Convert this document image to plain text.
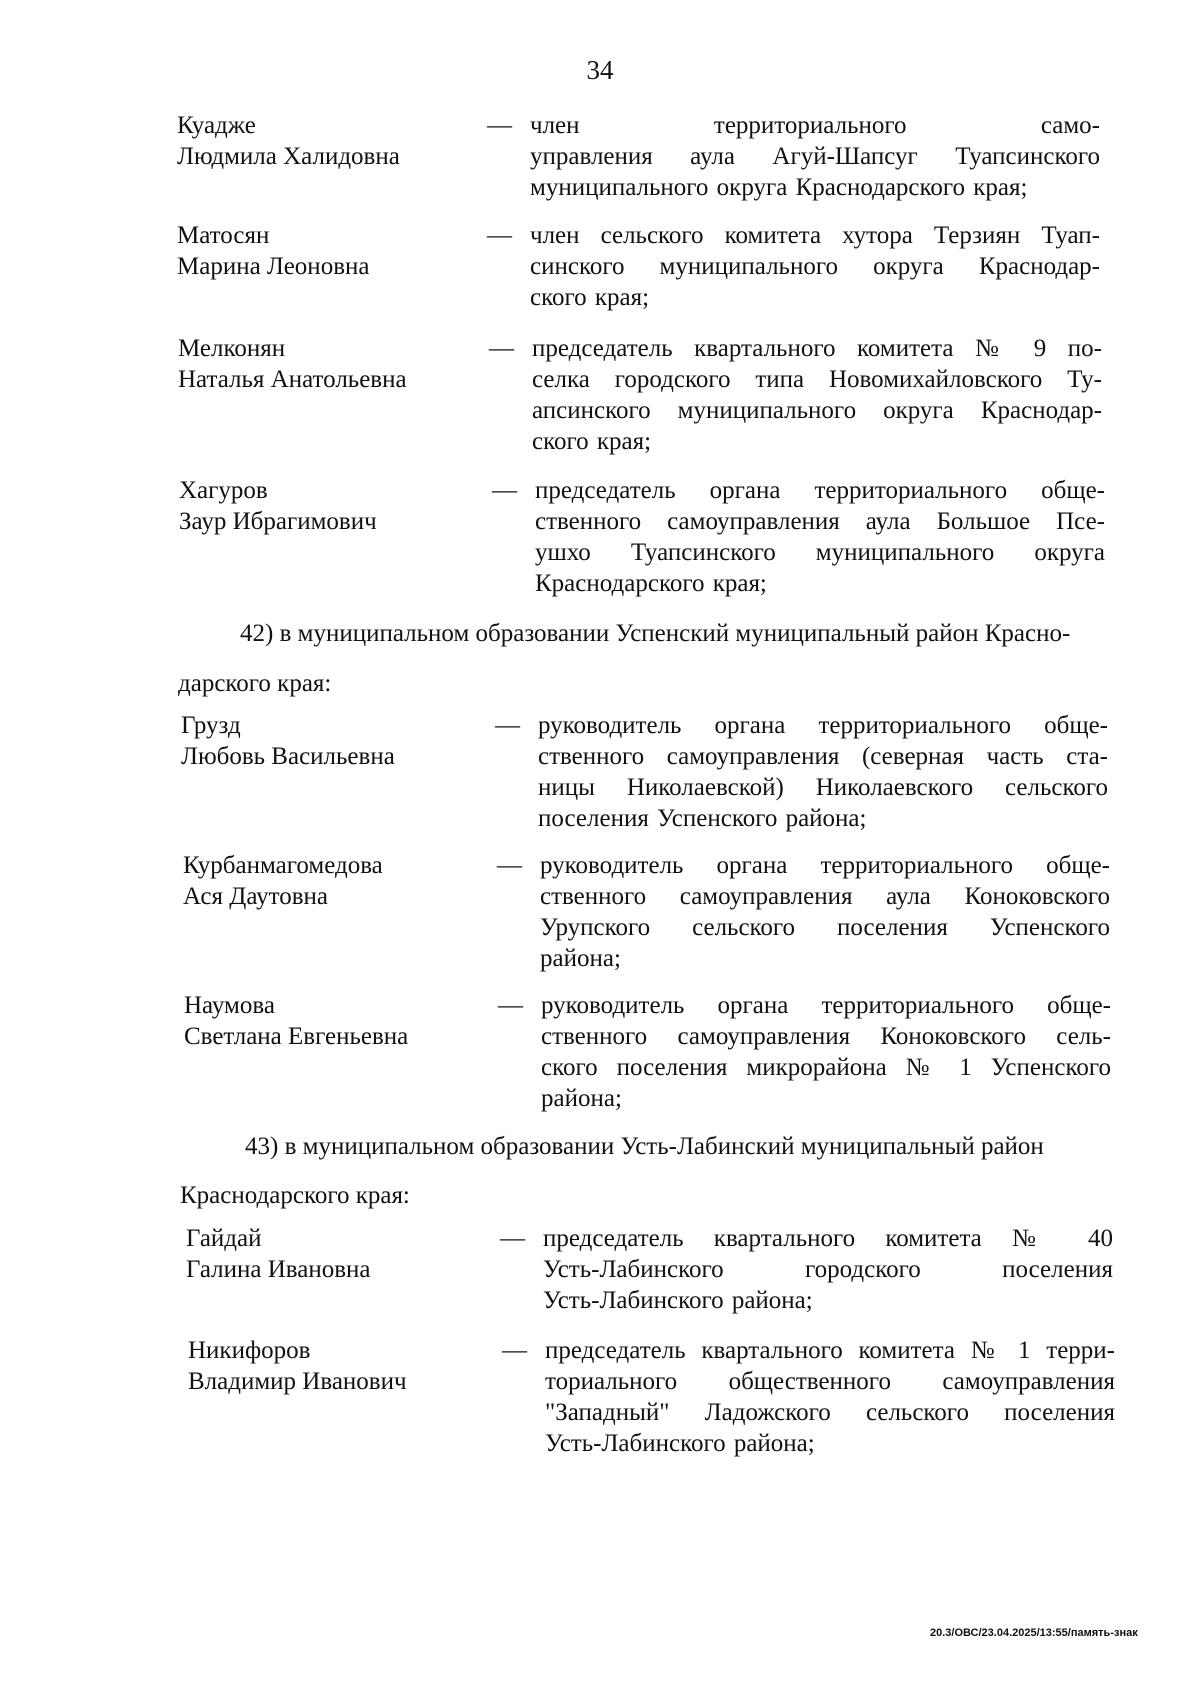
34
Куадже
Людмила Халидовна
— член территориального само-
управления аула Агуй-Шапсуг Туапсинского
муниципального округа Краснодарского края;
Матосян
Марина Леоновна
— член сельского комитета хутора Терзиян Туап-
синского муниципального округа Краснодар-
ского края;
Мелконян
Наталья Анатольевна
— председатель квартального комитета № 9 по-
селка городского типа Новомихайловского Ту-
апсинского муниципального округа Краснодар-
ского края;
Хагуров
Заур Ибрагимович
— председатель органа территориального обще-
ственного самоуправления аула Большое Псе-
ушхо Туапсинского муниципального округа
Краснодарского края;
42) в муниципальном образовании Успенский муниципальный район Красно-
дарского края:
Грузд
Любовь Васильевна
— руководитель органа территориального обще-
ственного самоуправления (северная часть ста-
ницы Николаевской) Николаевского сельского
поселения Успенского района;
Курбанмагомедова
Ася Даутовна
— руководитель органа территориального обще-
ственного самоуправления аула Коноковского
Урупского сельского поселения Успенского
района;
Наумова
Светлана Евгеньевна
— руководитель органа территориального обще-
ственного самоуправления Коноковского сель-
ского поселения микрорайона № 1 Успенского
района;
43) в муниципальном образовании Усть-Лабинский муниципальный район
Краснодарского края:
Гайдай
Галина Ивановна
— председатель квартального комитета № 40
Усть-Лабинского городского поселения
Усть-Лабинского района;
Никифоров
Владимир Иванович
— председатель квартального комитета № 1 терри-
ториального общественного самоуправления
"Западный" Ладожского сельского поселения
Усть-Лабинского района;
20.3/ОВС/23.04.2025/13:55/память-знак
